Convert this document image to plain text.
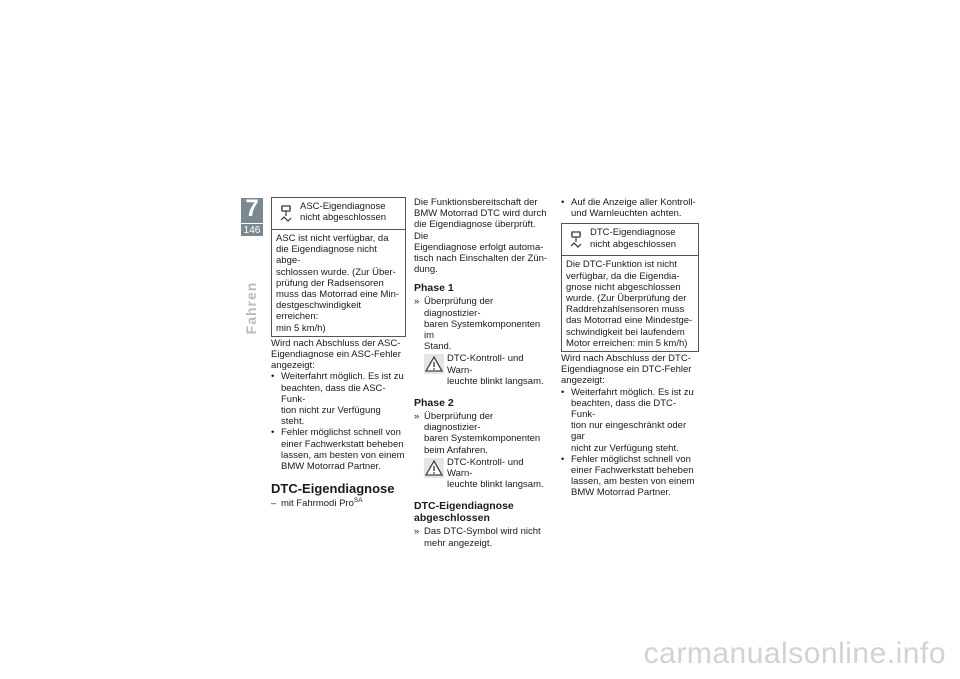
7
146
Fahren
ASC-Eigendiagnose
nicht abgeschlossen

ASC ist nicht verfügbar, da

die Eigendiagnose nicht abge-

schlossen wurde. (Zur Über-

prüfung der Radsensoren

muss das Motorrad eine Min-

destgeschwindigkeit erreichen:

min 5 km/h)

Wird nach Abschluss der ASC-

Eigendiagnose ein ASC-Fehler

angezeigt:

• Weiterfahrt möglich. Es ist zu

beachten, dass die ASC-Funk-

tion nicht zur Verfügung steht.

• Fehler möglichst schnell von

einer Fachwerkstatt beheben

lassen, am besten von einem

BMW Motorrad Partner.

DTC-Eigendiagnose
– mit Fahrmodi Pro$^{SA}$

Die Funktionsbereitschaft der

BMW Motorrad DTC wird durch

die Eigendiagnose überprüft. Die

Eigendiagnose erfolgt automa-

tisch nach Einschalten der Zün-

dung.

Phase 1

» Überprüfung der diagnostizier-

baren Systemkomponenten im

Stand.

DTC-Kontroll- und Warn-

leuchte blinkt langsam.

Phase 2

» Überprüfung der diagnostizier-

baren Systemkomponenten

beim Anfahren.

DTC-Kontroll- und Warn-

leuchte blinkt langsam.

DTC-Eigendiagnose
abgeschlossen

» Das DTC-Symbol wird nicht

mehr angezeigt.

• Auf die Anzeige aller Kontroll-

und Warnleuchten achten.

DTC-Eigendiagnose
nicht abgeschlossen

Die DTC-Funktion ist nicht

verfügbar, da die Eigendia-

gnose nicht abgeschlossen

wurde. (Zur Überprüfung der

Raddrehzahlsensoren muss

das Motorrad eine Mindestge-

schwindigkeit bei laufendem

Motor erreichen: min 5 km/h)

Wird nach Abschluss der DTC-

Eigendiagnose ein DTC-Fehler

angezeigt:

• Weiterfahrt möglich. Es ist zu

beachten, dass die DTC-Funk-

tion nur eingeschränkt oder gar

nicht zur Verfügung steht.

• Fehler möglichst schnell von

einer Fachwerkstatt beheben

lassen, am besten von einem

BMW Motorrad Partner.

carmanualsonline.info
